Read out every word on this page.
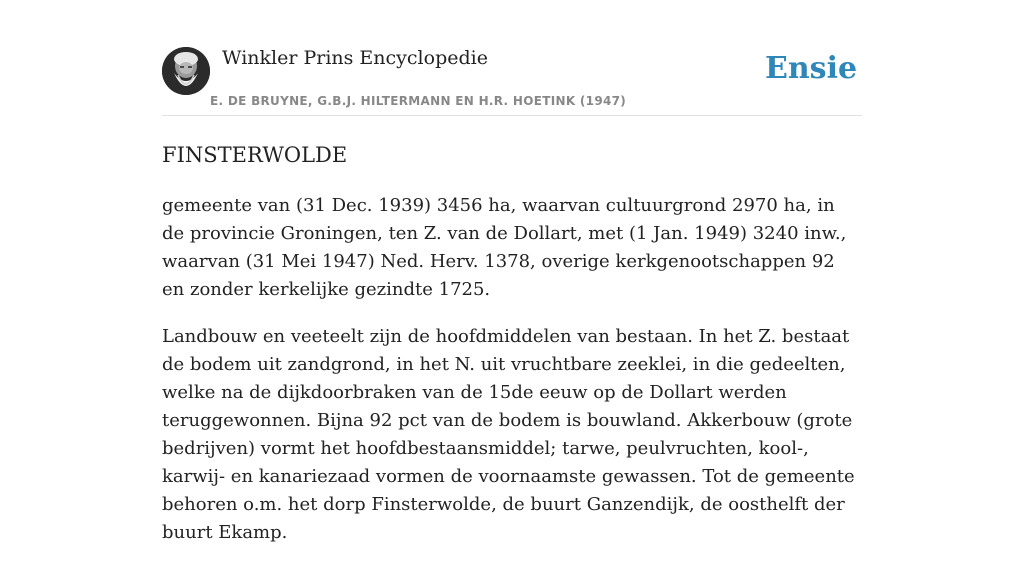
Winkler Prins Encyclopedie
E. DE BRUYNE, G.B.J. HILTERMANN EN H.R. HOETINK (1947)
Ensie
FINSTERWOLDE

gemeente van (31 Dec. 1939) 3456 ha, waarvan cultuurgrond 2970 ha, in de provincie Groningen, ten Z. van de Dollart, met (1 Jan. 1949) 3240 inw., waarvan (31 Mei 1947) Ned. Herv. 1378, overige kerkgenootschappen 92 en zonder kerkelijke gezindte 1725.

Landbouw en veeteelt zijn de hoofdmiddelen van bestaan. In het Z. bestaat de bodem uit zandgrond, in het N. uit vruchtbare zeeklei, in die gedeelten, welke na de dijkdoorbraken van de 15de eeuw op de Dollart werden teruggewonnen. Bijna 92 pct van de bodem is bouwland. Akkerbouw (grote bedrijven) vormt het hoofdbestaansmiddel; tarwe, peulvruchten, kool-, karwij- en kanariezaad vormen de voornaamste gewassen. Tot de gemeente behoren o.m. het dorp Finsterwolde, de buurt Ganzendijk, de oosthelft der buurt Ekamp.
